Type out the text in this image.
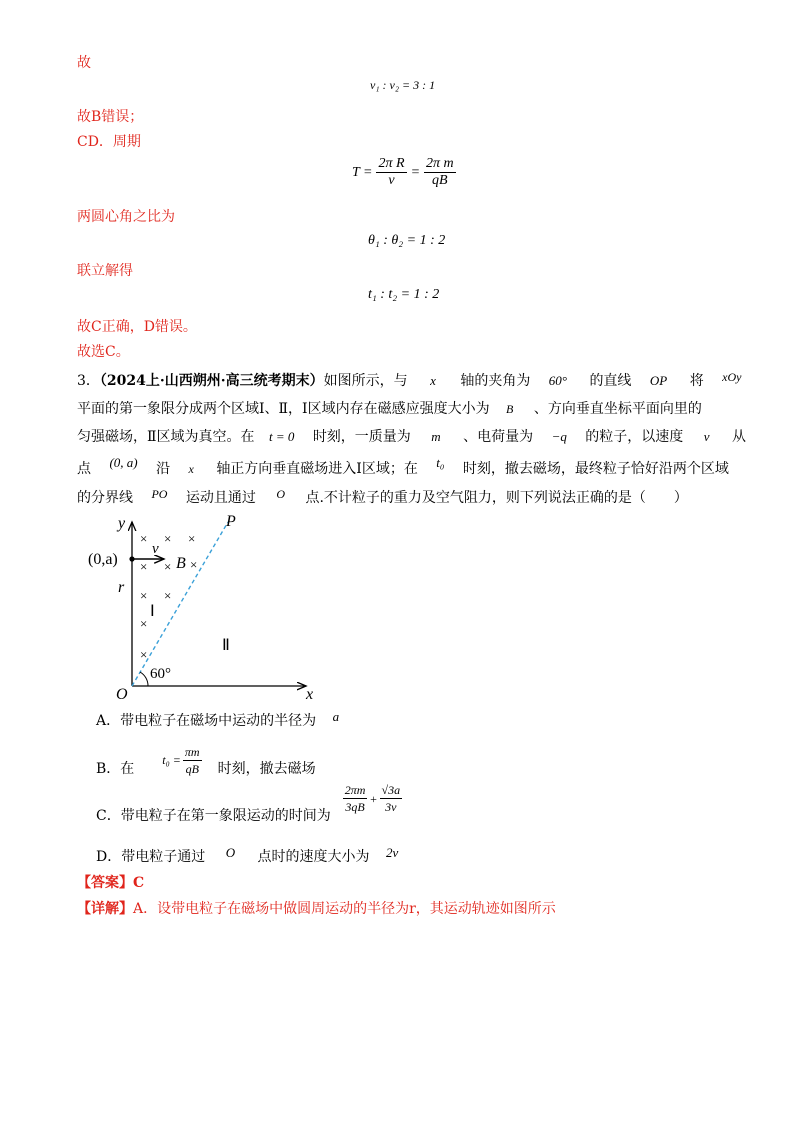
故
v₁ : v₂ = 3 : 1
故B错误；
CD．周期
$T = \frac{\text{2π R}}{v} = \frac{\text{2π m}}{qB}$
两圆心角之比为
θ₁ : θ₂ = 1 : 2
联立解得
t₁ : t₂ = 1 : 2
故C正确，D错误。
故选C。
3．（2024上·山西朔州·高三统考期末）如图所示，与 x 轴的夹角为 60° 的直线 OP 将 xOy
平面的第一象限分成两个区域Ⅰ、Ⅱ，Ⅰ区域内存在磁感应强度大小为 B 、方向垂直坐标平面向里的
匀强磁场，Ⅱ区域为真空。在 t = 0 时刻，一质量为 m 、电荷量为 −q 的粒子，以速度 v 从
点 (0, a) 沿 x 轴正方向垂直磁场进入Ⅰ区域；在 t₀ 时刻，撤去磁场，最终粒子恰好沿两个区域
的分界线 PO 运动且通过 O 点.不计粒子的重力及空气阻力，则下列说法正确的是（　　）
× × ×
×
×	×
× ×
×
×
y
x
O
P
(0,a)
v
B
r
Ⅰ
Ⅱ
60°
A．带电粒子在磁场中运动的半径为 a
B．在
$t_0 = \frac{\pi m}{qB}$ 时刻，撤去磁场
C．带电粒子在第一象限运动的时间为
$\frac{2\pi m}{3qB} + \frac{√3a}{3v}$
D．带电粒子通过 O 点时的速度大小为 2v
【答案】C
【详解】A．设带电粒子在磁场中做圆周运动的半径为r，其运动轨迹如图所示
